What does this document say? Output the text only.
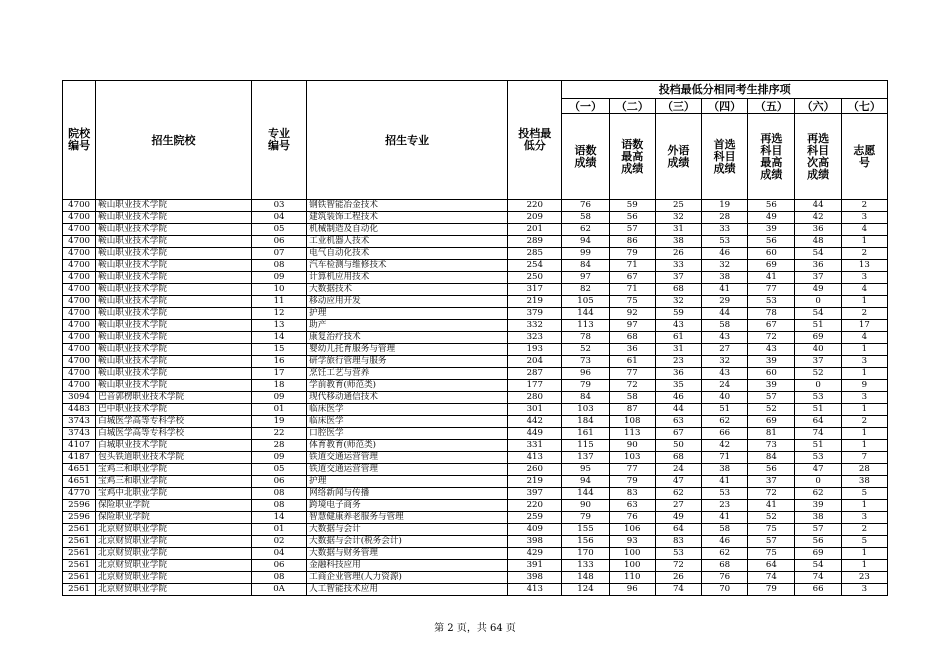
院校编号	招生院校	专业编号	招生专业	投档最低分	投档最低分相同考生排序项						
					（一）	（二）	（三）	（四）	（五）	（六）	（七）
					语数成绩	语数最高成绩	外语成绩	首选科目成绩	再选科目最高成绩	再选科目次高成绩	志愿号
4700	鞍山职业技术学院	03	钢铁智能冶金技术	220	76	59	25	19	56	44	2
4700	鞍山职业技术学院	04	建筑装饰工程技术	209	58	56	32	28	49	42	3
4700	鞍山职业技术学院	05	机械制造及自动化	201	62	57	31	33	39	36	4
4700	鞍山职业技术学院	06	工业机器人技术	289	94	86	38	53	56	48	1
4700	鞍山职业技术学院	07	电气自动化技术	285	99	79	26	46	60	54	2
4700	鞍山职业技术学院	08	汽车检测与维修技术	254	84	71	33	32	69	36	13
4700	鞍山职业技术学院	09	计算机应用技术	250	97	67	37	38	41	37	3
4700	鞍山职业技术学院	10	大数据技术	317	82	71	68	41	77	49	4
4700	鞍山职业技术学院	11	移动应用开发	219	105	75	32	29	53	0	1
4700	鞍山职业技术学院	12	护理	379	144	92	59	44	78	54	2
4700	鞍山职业技术学院	13	助产	332	113	97	43	58	67	51	17
4700	鞍山职业技术学院	14	康复治疗技术	323	78	68	61	43	72	69	4
4700	鞍山职业技术学院	15	婴幼儿托育服务与管理	193	52	36	31	27	43	40	1
4700	鞍山职业技术学院	16	研学旅行管理与服务	204	73	61	23	32	39	37	3
4700	鞍山职业技术学院	17	烹饪工艺与营养	287	96	77	36	43	60	52	1
4700	鞍山职业技术学院	18	学前教育(师范类)	177	79	72	35	24	39	0	9
3094	巴音郭楞职业技术学院	09	现代移动通信技术	280	84	58	46	40	57	53	3
4483	巴中职业技术学院	01	临床医学	301	103	87	44	51	52	51	1
3743	白城医学高等专科学校	19	临床医学	442	184	108	63	62	69	64	2
3743	白城医学高等专科学校	22	口腔医学	449	161	113	67	66	81	74	1
4107	白城职业技术学院	28	体育教育(师范类)	331	115	90	50	42	73	51	1
4187	包头铁道职业技术学院	09	铁道交通运营管理	413	137	103	68	71	84	53	7
4651	宝鸡三和职业学院	05	铁道交通运营管理	260	95	77	24	38	56	47	28
4651	宝鸡三和职业学院	06	护理	219	94	79	47	41	37	0	38
4770	宝鸡中北职业学院	08	网络新闻与传播	397	144	83	62	53	72	62	5
2596	保险职业学院	08	跨境电子商务	220	90	63	27	23	41	39	1
2596	保险职业学院	14	智慧健康养老服务与管理	259	79	76	49	41	52	38	3
2561	北京财贸职业学院	01	大数据与会计	409	155	106	64	58	75	57	2
2561	北京财贸职业学院	02	大数据与会计(税务会计)	398	156	93	83	46	57	56	5
2561	北京财贸职业学院	04	大数据与财务管理	429	170	100	53	62	75	69	1
2561	北京财贸职业学院	06	金融科技应用	391	133	100	72	68	64	54	1
2561	北京财贸职业学院	08	工商企业管理(人力资源)	398	148	110	26	76	74	74	23
2561	北京财贸职业学院	0A	人工智能技术应用	413	124	96	74	70	79	66	3
第 2 页，共 64 页
